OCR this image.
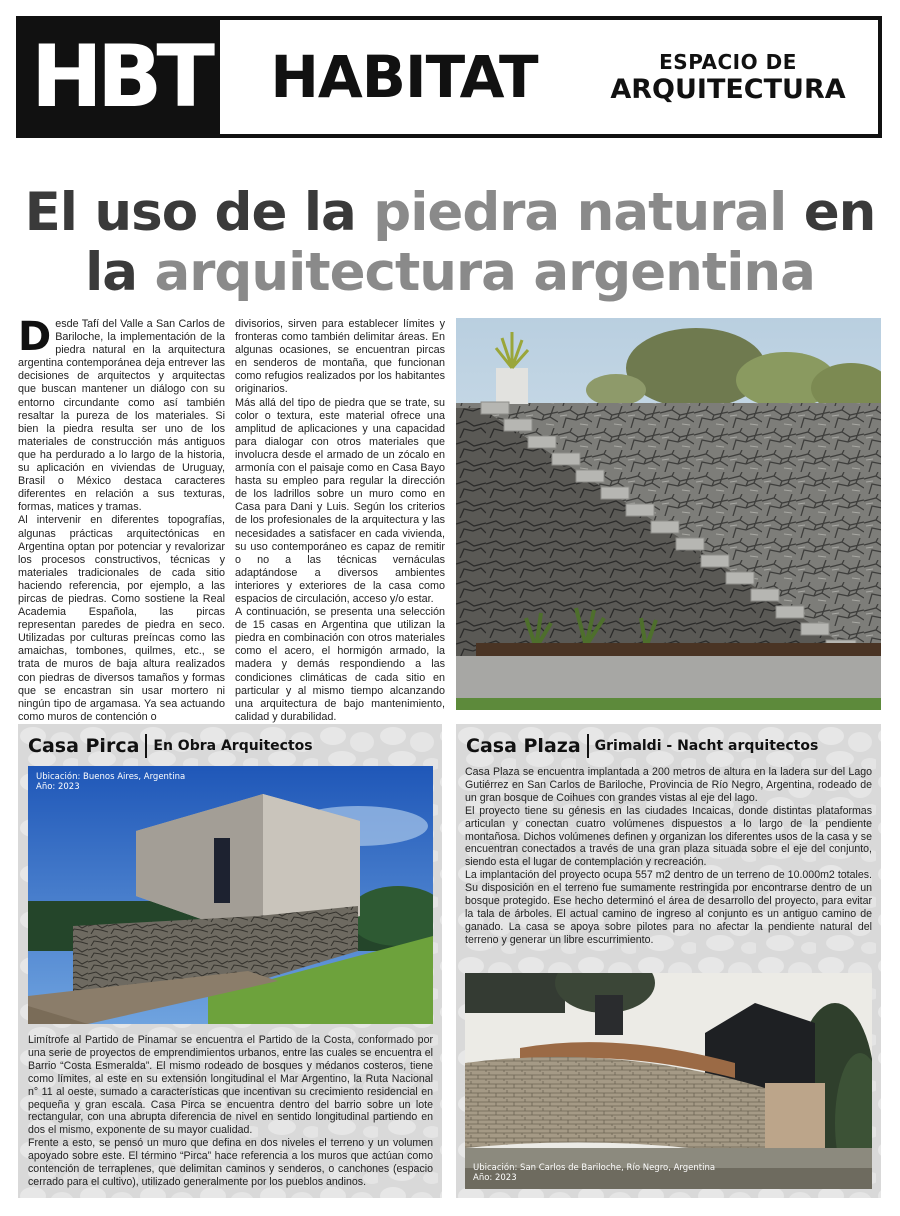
HBT	HABITAT	ESPACIO DE
ARQUITECTURA
El uso de la piedra natural en
la arquitectura argentina
D esde Tafí del Valle a San Carlos de Bariloche, la implementación de la piedra natural en la arquitectura argentina contemporánea deja entrever las decisiones de arquitectos y arquitectas que buscan mantener un diálogo con su entorno circundante como así también resaltar la pureza de los materiales. Si bien la piedra resulta ser uno de los materiales de construcción más antiguos que ha perdurado a lo largo de la historia, su aplicación en viviendas de Uruguay, Brasil o México destaca caracteres diferentes en relación a sus texturas, formas, matices y tramas.

Al intervenir en diferentes topografías, algunas prácticas arquitectónicas en Argentina optan por potenciar y revalorizar los procesos constructivos, técnicas y materiales tradicionales de cada sitio haciendo referencia, por ejemplo, a las pircas de piedras. Como sostiene la Real Academia Española, las pircas representan paredes de piedra en seco. Utilizadas por culturas preíncas como las amaichas, tombones, quilmes, etc., se trata de muros de baja altura realizados con piedras de diversos tamaños y formas que se encastran sin usar mortero ni ningún tipo de argamasa. Ya sea actuando como muros de contención o

divisorios, sirven para establecer límites y fronteras como también delimitar áreas. En algunas ocasiones, se encuentran pircas en senderos de montaña, que funcionan como refugios realizados por los habitantes originarios.

Más allá del tipo de piedra que se trate, su color o textura, este material ofrece una amplitud de aplicaciones y una capacidad para dialogar con otros materiales que involucra desde el armado de un zócalo en armonía con el paisaje como en Casa Bayo hasta su empleo para regular la dirección de los ladrillos sobre un muro como en Casa para Dani y Luis. Según los criterios de los profesionales de la arquitectura y las necesidades a satisfacer en cada vivienda, su uso contemporáneo es capaz de remitir o no a las técnicas vernáculas adaptándose a diversos ambientes interiores y exteriores de la casa como espacios de circulación, acceso y/o estar.

A continuación, se presenta una selección de 15 casas en Argentina que utilizan la piedra en combinación con otros materiales como el acero, el hormigón armado, la madera y demás respondiendo a las condiciones climáticas de cada sitio en particular y al mismo tiempo alcanzando una arquitectura de bajo mantenimiento, calidad y durabilidad.

Casa Pirca En Obra Arquitectos
Ubicación: Buenos Aires, Argentina
Año: 2023

Limítrofe al Partido de Pinamar se encuentra el Partido de la Costa, conformado por una serie de proyectos de emprendimientos urbanos, entre las cuales se encuentra el Barrio “Costa Esmeralda”. El mismo rodeado de bosques y médanos costeros, tiene como límites, al este en su extensión longitudinal el Mar Argentino, la Ruta Nacional n° 11 al oeste, sumado a características que incentivan su crecimiento residencial en pequeña y gran escala. Casa Pirca se encuentra dentro del barrio sobre un lote rectangular, con una abrupta diferencia de nivel en sentido longitudinal partiendo en dos el mismo, exponente de su mayor cualidad.

Frente a esto, se pensó un muro que defina en dos niveles el terreno y un volumen apoyado sobre este. El término “Pirca” hace referencia a los muros que actúan como contención de terraplenes, que delimitan caminos y senderos, o canchones (espacio cerrado para el cultivo), utilizado generalmente por los pueblos andinos.

Casa Plaza Grimaldi - Nacht arquitectos

Casa Plaza se encuentra implantada a 200 metros de altura en la ladera sur del Lago Gutiérrez en San Carlos de Bariloche, Provincia de Río Negro, Argentina, rodeado de un gran bosque de Coihues con grandes vistas al eje del lago.

El proyecto tiene su génesis en las ciudades Incaicas, donde distintas plataformas articulan y conectan cuatro volúmenes dispuestos a lo largo de la pendiente montañosa. Dichos volúmenes definen y organizan los diferentes usos de la casa y se encuentran conectados a través de una gran plaza situada sobre el eje del conjunto, siendo esta el lugar de contemplación y recreación.

La implantación del proyecto ocupa 557 m2 dentro de un terreno de 10.000m2 totales. Su disposición en el terreno fue sumamente restringida por encontrarse dentro de un bosque protegido. Ese hecho determinó el área de desarrollo del proyecto, para evitar la tala de árboles. El actual camino de ingreso al conjunto es un antiguo camino de ganado. La casa se apoya sobre pilotes para no afectar la pendiente natural del terreno y generar un libre escurrimiento.

Ubicación: San Carlos de Bariloche, Río Negro, Argentina
Año: 2023
